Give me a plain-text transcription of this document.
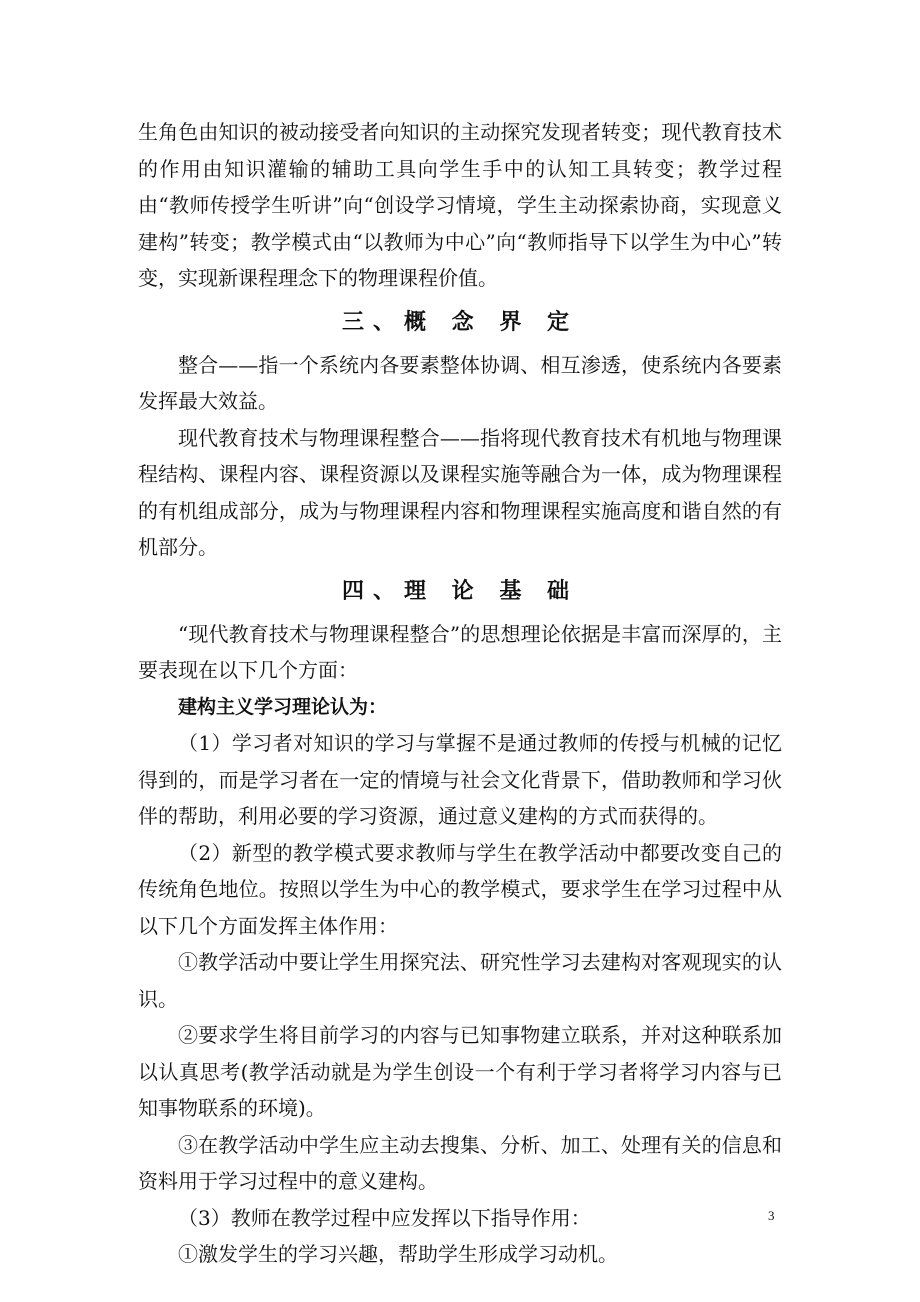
生角色由知识的被动接受者向知识的主动探究发现者转变；现代教育技术的作用由知识灌输的辅助工具向学生手中的认知工具转变；教学过程由“教师传授学生听讲”向“创设学习情境，学生主动探索协商，实现意义建构”转变；教学模式由“以教师为中心”向“教师指导下以学生为中心”转变，实现新课程理念下的物理课程价值。

三、概 念 界 定

整合——指一个系统内各要素整体协调、相互渗透，使系统内各要素发挥最大效益。

现代教育技术与物理课程整合——指将现代教育技术有机地与物理课程结构、课程内容、课程资源以及课程实施等融合为一体，成为物理课程的有机组成部分，成为与物理课程内容和物理课程实施高度和谐自然的有机部分。

四、理 论 基 础

“现代教育技术与物理课程整合”的思想理论依据是丰富而深厚的，主要表现在以下几个方面：

建构主义学习理论认为：

（1）学习者对知识的学习与掌握不是通过教师的传授与机械的记忆得到的，而是学习者在一定的情境与社会文化背景下，借助教师和学习伙伴的帮助，利用必要的学习资源，通过意义建构的方式而获得的。

（2）新型的教学模式要求教师与学生在教学活动中都要改变自己的传统角色地位。按照以学生为中心的教学模式，要求学生在学习过程中从以下几个方面发挥主体作用：

①教学活动中要让学生用探究法、研究性学习去建构对客观现实的认识。

②要求学生将目前学习的内容与已知事物建立联系，并对这种联系加以认真思考(教学活动就是为学生创设一个有利于学习者将学习内容与已知事物联系的环境)。

③在教学活动中学生应主动去搜集、分析、加工、处理有关的信息和资料用于学习过程中的意义建构。

（3）教师在教学过程中应发挥以下指导作用：

①激发学生的学习兴趣，帮助学生形成学习动机。

3
